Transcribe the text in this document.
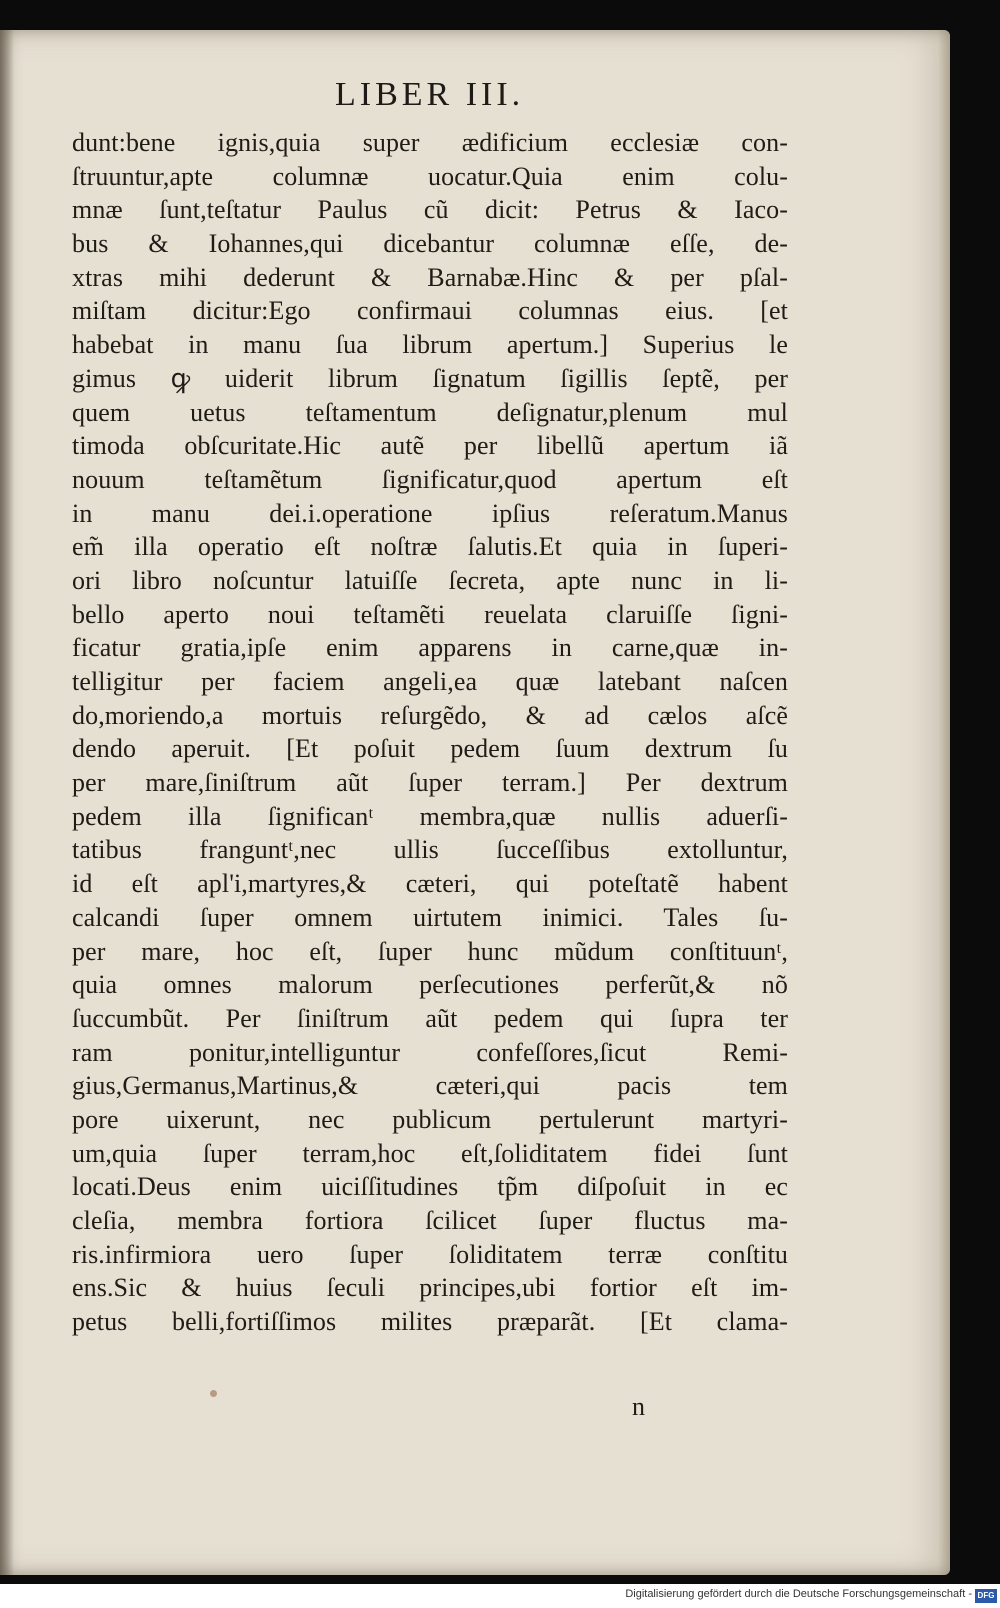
LIBER III.
dunt:bene ignis,quia super ædificium ecclesiæ con-
ſtruuntur,apte columnæ uocatur.Quia enim colu-
mnæ ſunt,teſtatur Paulus cũ dicit: Petrus & Iaco-
bus & Iohannes,qui dicebantur columnæ eſſe, de-
xtras mihi dederunt & Barnabæ.Hinc & per pſal-
miſtam dicitur:Ego confirmaui columnas eius. [et
habebat in manu ſua librum apertum.] Superius le
gimus ꝙ uiderit librum ſignatum ſigillis ſeptẽ, per
quem uetus teſtamentum deſignatur,plenum mul
timoda obſcuritate.Hic autẽ per libellũ apertum iã
nouum teſtamẽtum ſignificatur,quod apertum eſt
in manu dei.i.operatione ipſius reſeratum.Manus
em̃ illa operatio eſt noſtræ ſalutis.Et quia in ſuperi-
ori libro noſcuntur latuiſſe ſecreta, apte nunc in li-
bello aperto noui teſtamẽti reuelata claruiſſe ſigni-
ficatur gratia,ipſe enim apparens in carne,quæ in-
telligitur per faciem angeli,ea quæ latebant naſcen
do,moriendo,a mortuis reſurgẽdo, & ad cælos aſcẽ
dendo aperuit. [Et poſuit pedem ſuum dextrum ſu
per mare,ſiniſtrum aũt ſuper terram.] Per dextrum
pedem illa ſignificanᵗ membra,quæ nullis aduerſi-
tatibus franguntᵗ,nec ullis ſucceſſibus extolluntur,
id eſt apl'i,martyres,& cæteri, qui poteſtatẽ habent
calcandi ſuper omnem uirtutem inimici. Tales ſu-
per mare, hoc eſt, ſuper hunc mũdum conſtituunᵗ,
quia omnes malorum perſecutiones perferũt,& nõ
ſuccumbũt. Per ſiniſtrum aũt pedem qui ſupra ter
ram ponitur,intelliguntur confeſſores,ſicut Remi-
gius,Germanus,Martinus,& cæteri,qui pacis tem
pore uixerunt, nec publicum pertulerunt martyri-
um,quia ſuper terram,hoc eſt,ſoliditatem fidei ſunt
locati.Deus enim uiciſſitudines tp̃m diſpoſuit in ec
cleſia, membra fortiora ſcilicet ſuper fluctus ma-
ris.infirmiora uero ſuper ſoliditatem terræ conſtitu
ens.Sic & huius ſeculi principes,ubi fortior eſt im-
petus belli,fortiſſimos milites præparãt. [Et clama-
n
Digitalisierung gefördert durch die Deutsche Forschungsgemeinschaft - DFG
